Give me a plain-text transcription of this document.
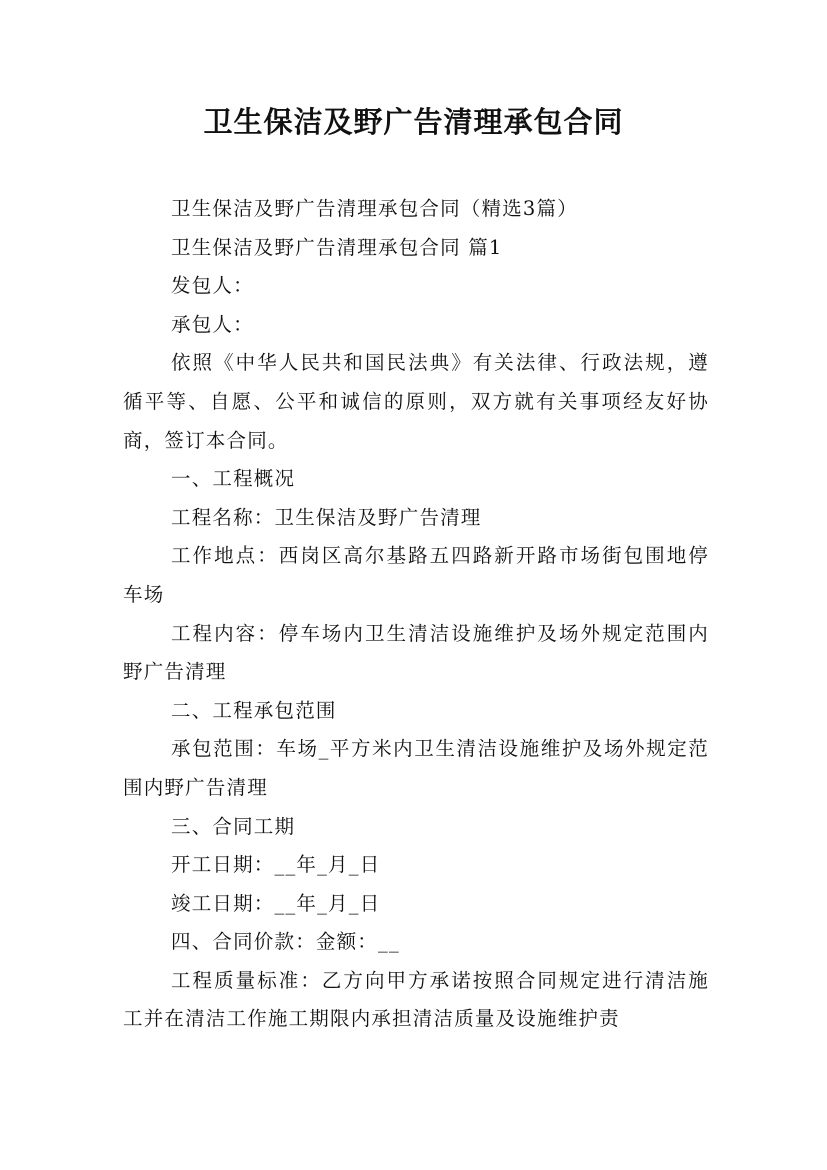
卫生保洁及野广告清理承包合同

卫生保洁及野广告清理承包合同（精选3篇）

卫生保洁及野广告清理承包合同 篇1

发包人：

承包人：

依照《中华人民共和国民法典》有关法律、行政法规，遵循平等、自愿、公平和诚信的原则，双方就有关事项经友好协商，签订本合同。

一、工程概况

工程名称：卫生保洁及野广告清理

工作地点：西岗区高尔基路五四路新开路市场街包围地停车场

工程内容：停车场内卫生清洁设施维护及场外规定范围内野广告清理

二、工程承包范围

承包范围：车场_平方米内卫生清洁设施维护及场外规定范围内野广告清理

三、合同工期

开工日期：__年_月_日

竣工日期：__年_月_日

四、合同价款：金额：__

工程质量标准：乙方向甲方承诺按照合同规定进行清洁施工并在清洁工作施工期限内承担清洁质量及设施维护责
